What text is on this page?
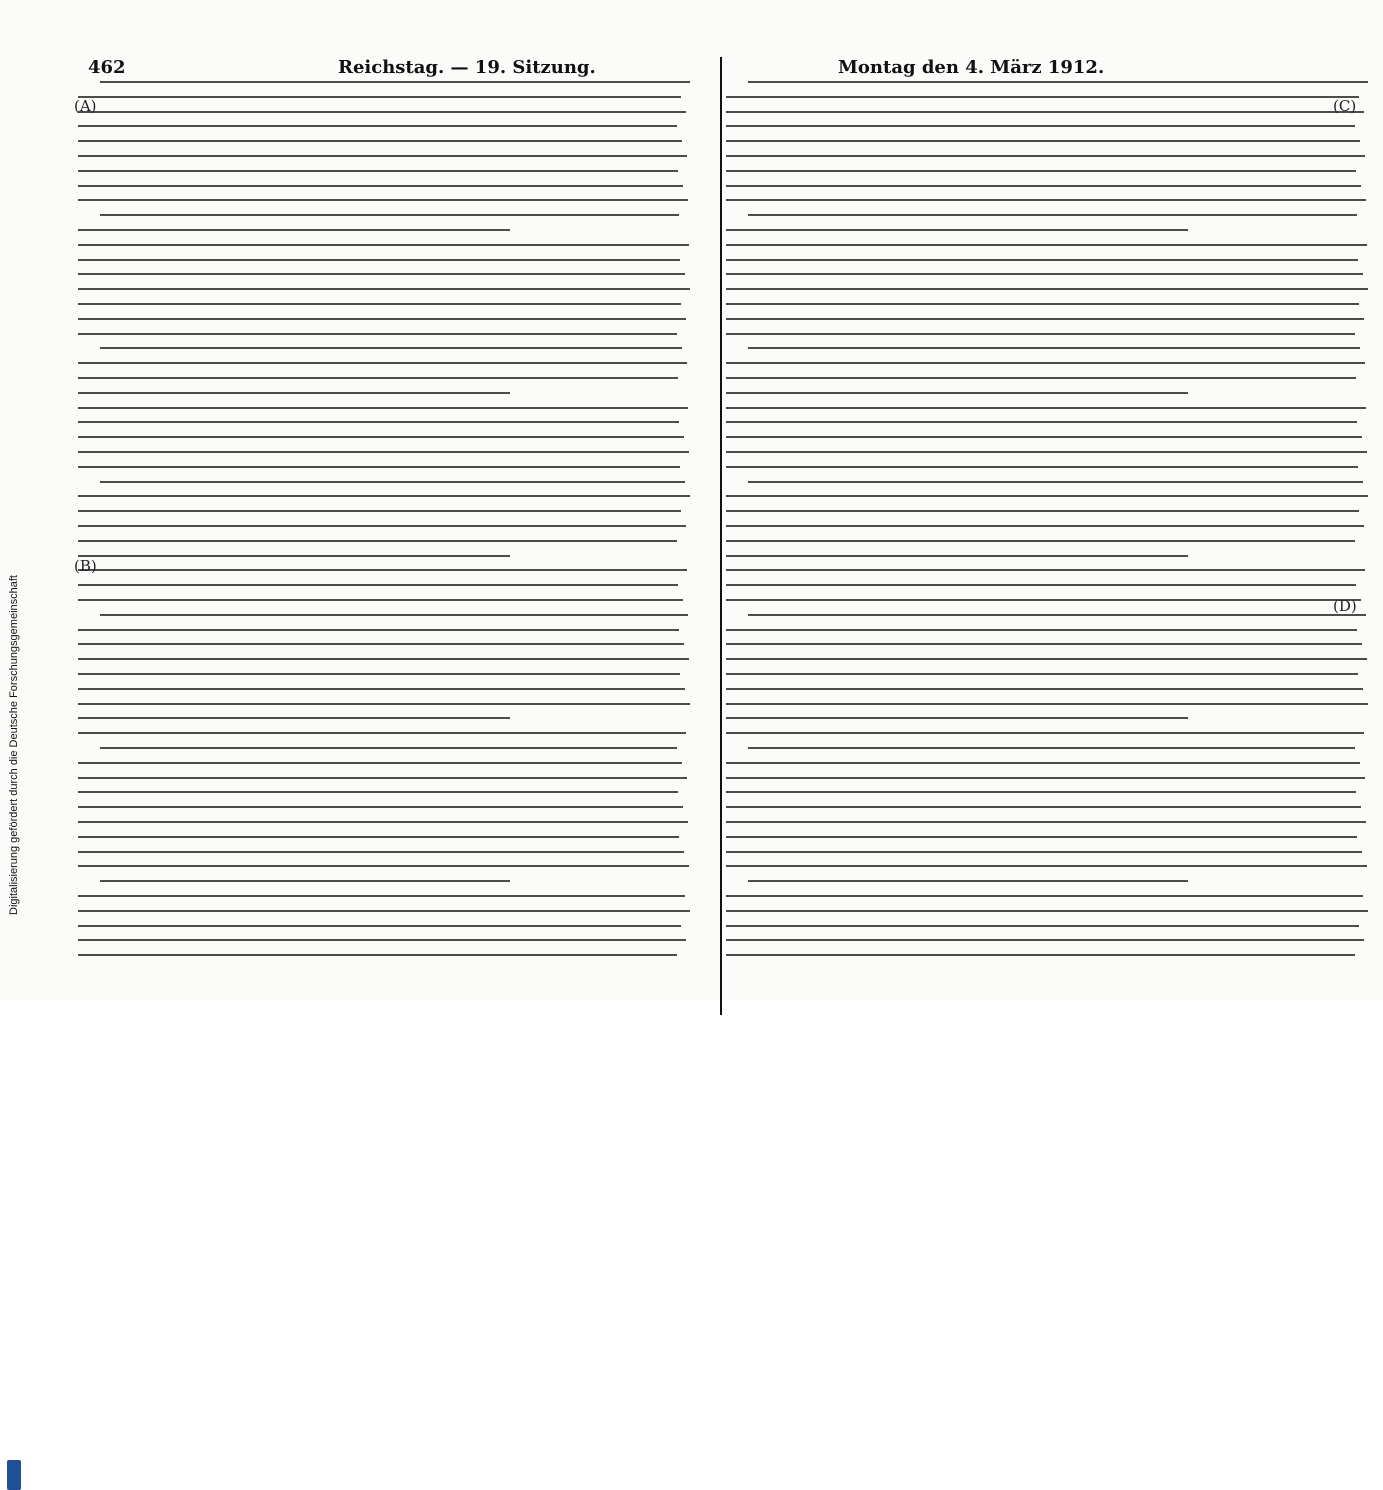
Digitalisierung gefördert durch die Deutsche Forschungsgemeinschaft
462	Reichstag. — 19. Sitzung.	Montag den 4. März 1912.
(A)
(B)
(C)
(D)
